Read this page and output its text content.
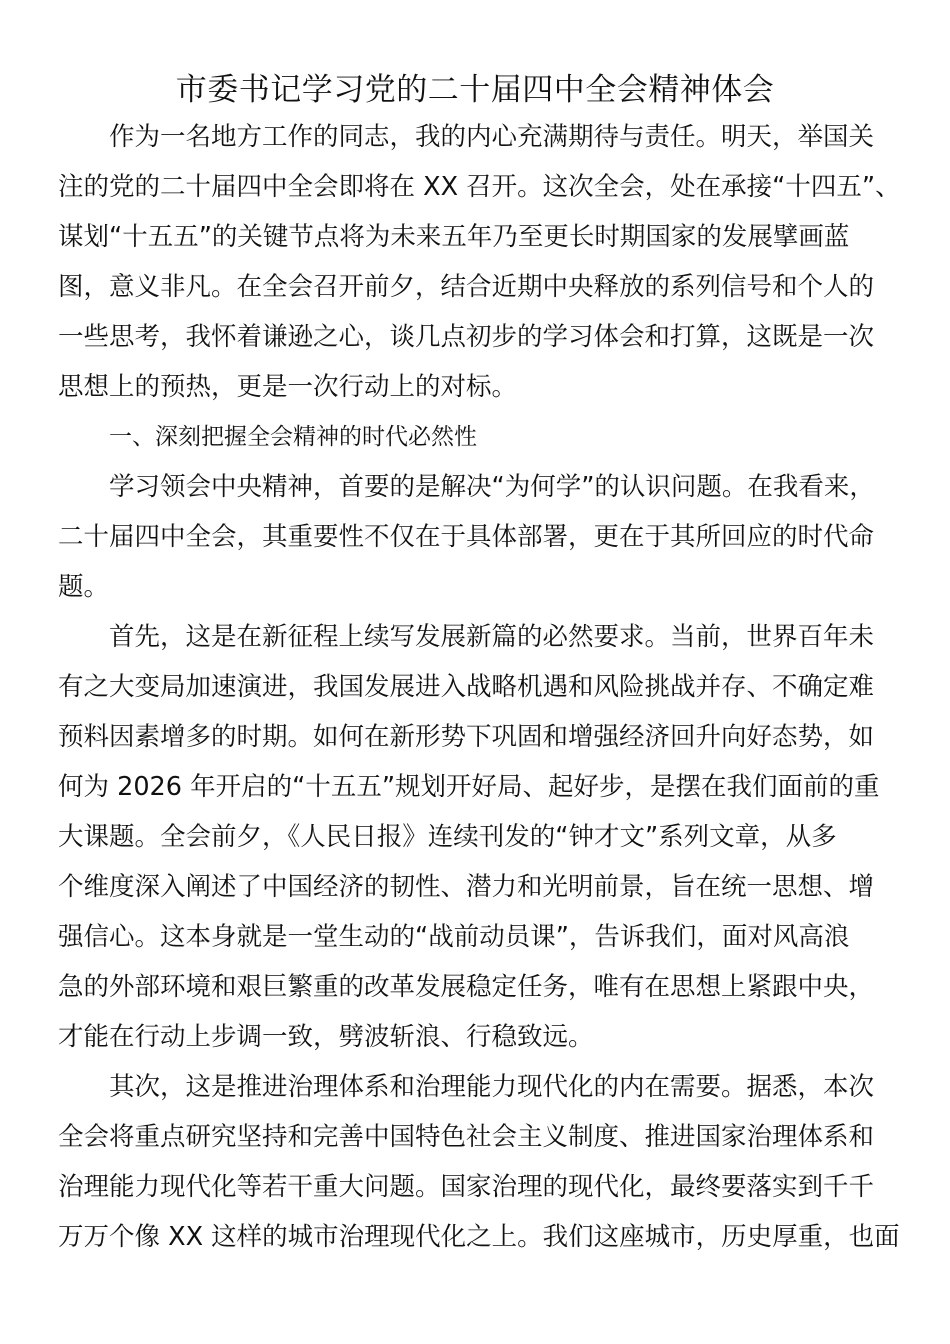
市委书记学习党的二十届四中全会精神体会

作为一名地方工作的同志，我的内心充满期待与责任。明天，举国关

注的党的二十届四中全会即将在 XX 召开。这次全会，处在承接“十四五”、

谋划“十五五”的关键节点将为未来五年乃至更长时期国家的发展擘画蓝

图，意义非凡。在全会召开前夕，结合近期中央释放的系列信号和个人的

一些思考，我怀着谦逊之心，谈几点初步的学习体会和打算，这既是一次

思想上的预热，更是一次行动上的对标。

一、深刻把握全会精神的时代必然性

学习领会中央精神，首要的是解决“为何学”的认识问题。在我看来，

二十届四中全会，其重要性不仅在于具体部署，更在于其所回应的时代命

题。

首先，这是在新征程上续写发展新篇的必然要求。当前，世界百年未

有之大变局加速演进，我国发展进入战略机遇和风险挑战并存、不确定难

预料因素增多的时期。如何在新形势下巩固和增强经济回升向好态势，如

何为 2026 年开启的“十五五”规划开好局、起好步，是摆在我们面前的重

大课题。全会前夕，《人民日报》连续刊发的“钟才文”系列文章，从多

个维度深入阐述了中国经济的韧性、潜力和光明前景，旨在统一思想、增

强信心。这本身就是一堂生动的“战前动员课”，告诉我们，面对风高浪

急的外部环境和艰巨繁重的改革发展稳定任务，唯有在思想上紧跟中央，

才能在行动上步调一致，劈波斩浪、行稳致远。

其次，这是推进治理体系和治理能力现代化的内在需要。据悉，本次

全会将重点研究坚持和完善中国特色社会主义制度、推进国家治理体系和

治理能力现代化等若干重大问题。国家治理的现代化，最终要落实到千千

万万个像 XX 这样的城市治理现代化之上。我们这座城市，历史厚重，也面
